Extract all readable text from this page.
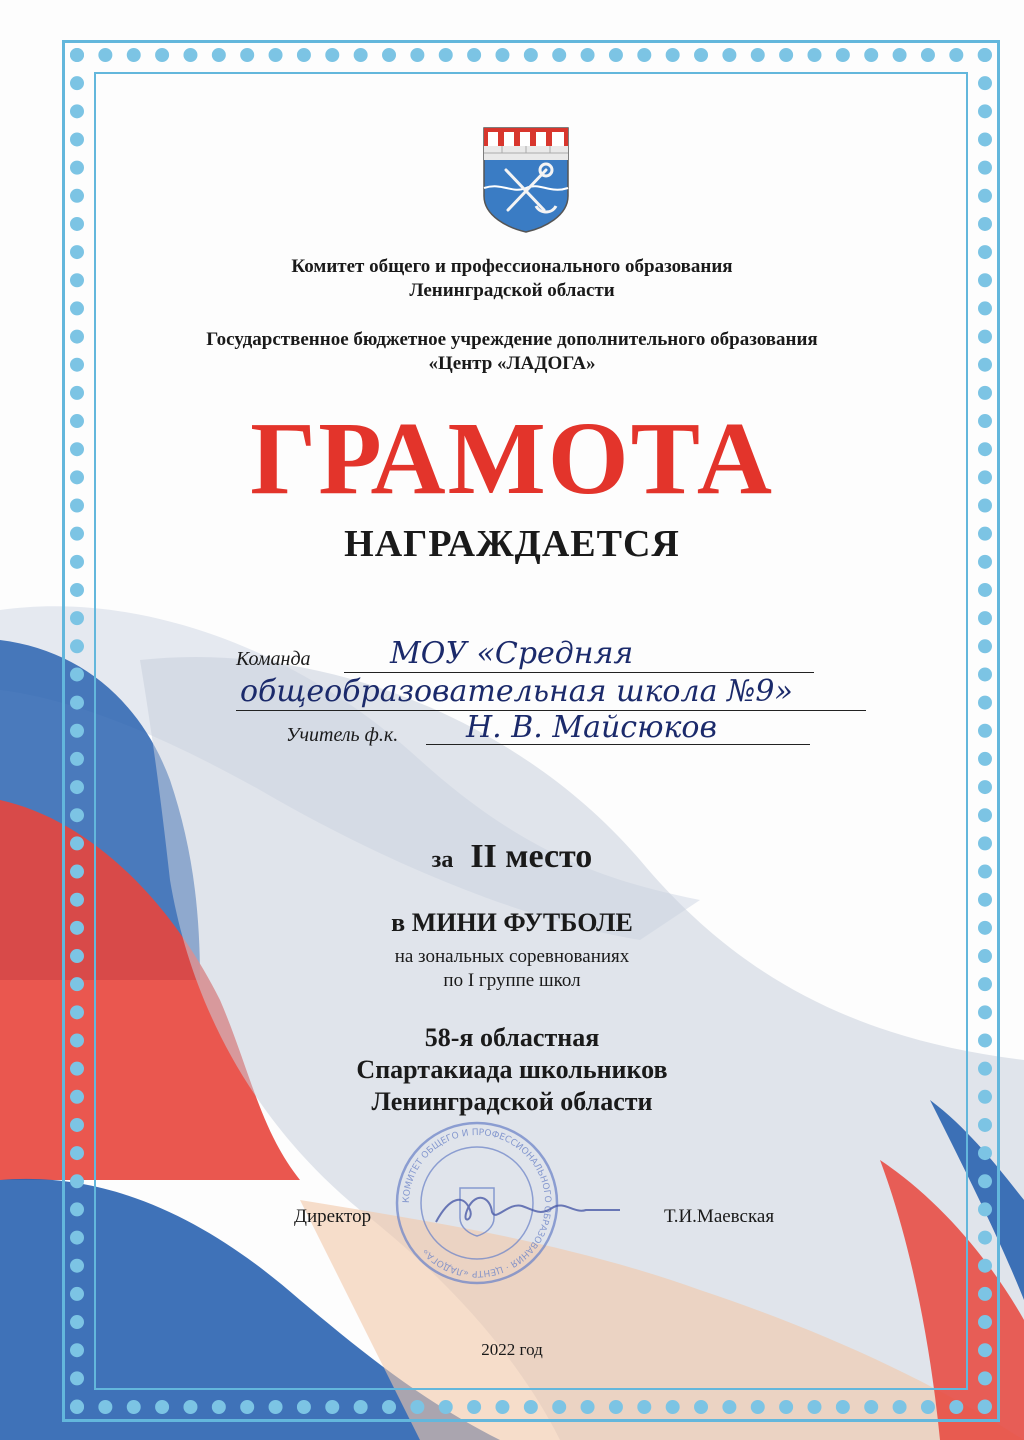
Комитет общего и профессионального образования
Ленинградской области
Государственное бюджетное учреждение дополнительного образования
«Центр «ЛАДОГА»
ГРАМОТА
НАГРАЖДАЕТСЯ
Команда	МОУ «Средняя
общеобразовательная школа №9»
Учитель ф.к. Н. В. Майсюков
за II место
в МИНИ ФУТБОЛЕ
на зональных соревнованиях
по I группе школ
58-я областная
Спартакиада школьников
Ленинградской области
КОМИТЕТ ОБЩЕГО И ПРОФЕССИОНАЛЬНОГО ОБРАЗОВАНИЯ · ЦЕНТР «ЛАДОГА»
Директор	Т.И.Маевская
2022 год
